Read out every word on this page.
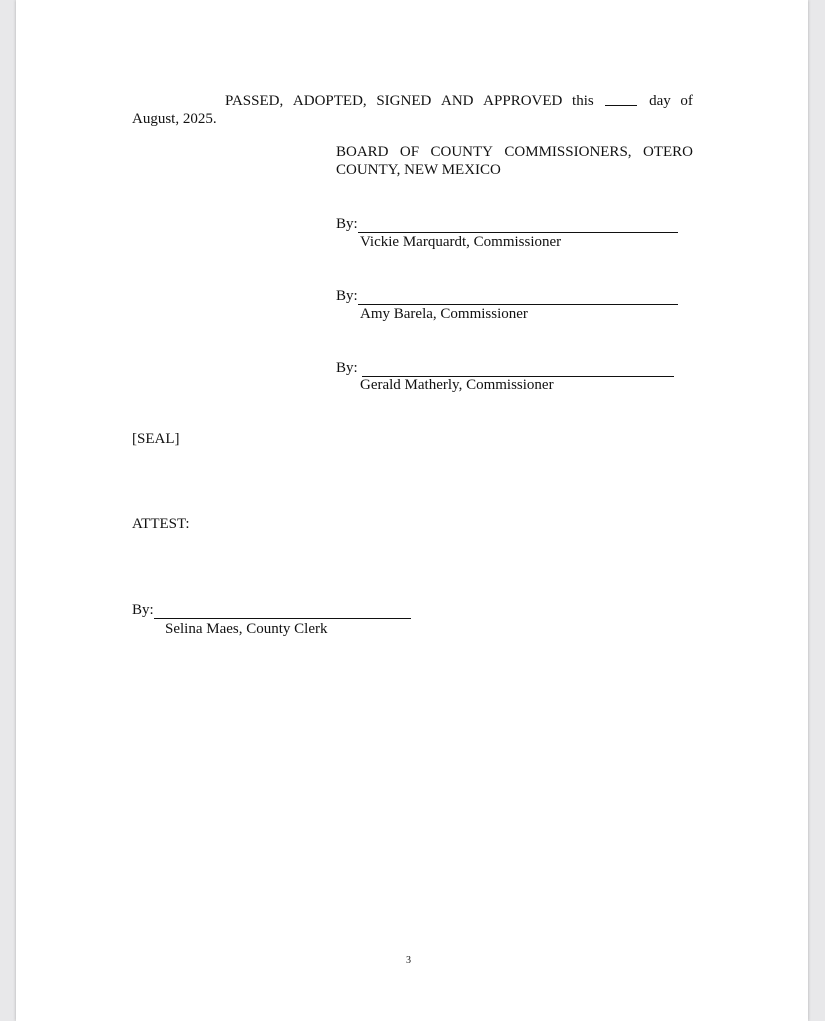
PASSED, ADOPTED, SIGNED AND APPROVED this	day of
August, 2025.
BOARD OF COUNTY COMMISSIONERS, OTERO
COUNTY, NEW MEXICO
By:
Vickie Marquardt, Commissioner
By:
Amy Barela, Commissioner
By:
Gerald Matherly, Commissioner
[SEAL]
ATTEST:
By:
Selina Maes, County Clerk
3
